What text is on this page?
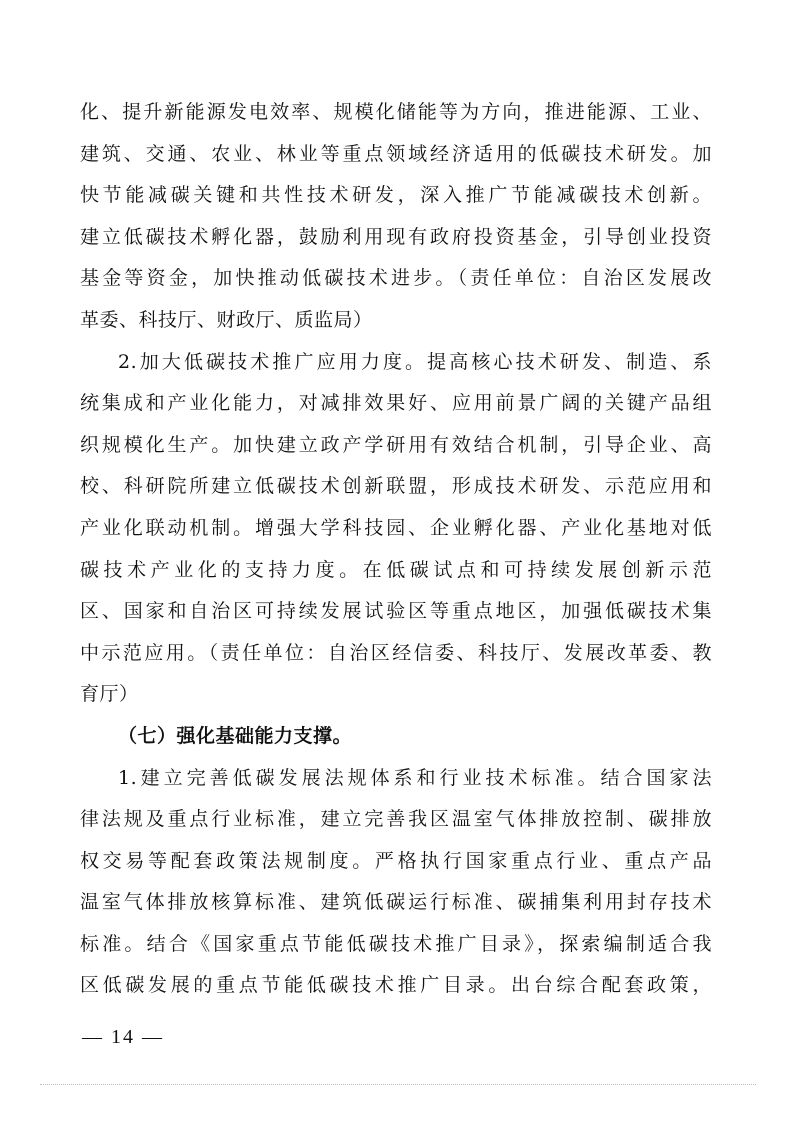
化、提升新能源发电效率、规模化储能等为方向，推进能源、工业、

建筑、交通、农业、林业等重点领域经济适用的低碳技术研发。加

快节能减碳关键和共性技术研发，深入推广节能减碳技术创新。

建立低碳技术孵化器，鼓励利用现有政府投资基金，引导创业投资

基金等资金，加快推动低碳技术进步。（责任单位：自治区发展改

革委、科技厅、财政厅、质监局）

2.加大低碳技术推广应用力度。提高核心技术研发、制造、系

统集成和产业化能力，对减排效果好、应用前景广阔的关键产品组

织规模化生产。加快建立政产学研用有效结合机制，引导企业、高

校、科研院所建立低碳技术创新联盟，形成技术研发、示范应用和

产业化联动机制。增强大学科技园、企业孵化器、产业化基地对低

碳技术产业化的支持力度。在低碳试点和可持续发展创新示范

区、国家和自治区可持续发展试验区等重点地区，加强低碳技术集

中示范应用。（责任单位：自治区经信委、科技厅、发展改革委、教

育厅）

（七）强化基础能力支撑。

1.建立完善低碳发展法规体系和行业技术标准。结合国家法

律法规及重点行业标准，建立完善我区温室气体排放控制、碳排放

权交易等配套政策法规制度。严格执行国家重点行业、重点产品

温室气体排放核算标准、建筑低碳运行标准、碳捕集利用封存技术

标准。结合《国家重点节能低碳技术推广目录》，探索编制适合我

区低碳发展的重点节能低碳技术推广目录。出台综合配套政策，

— 14 —
